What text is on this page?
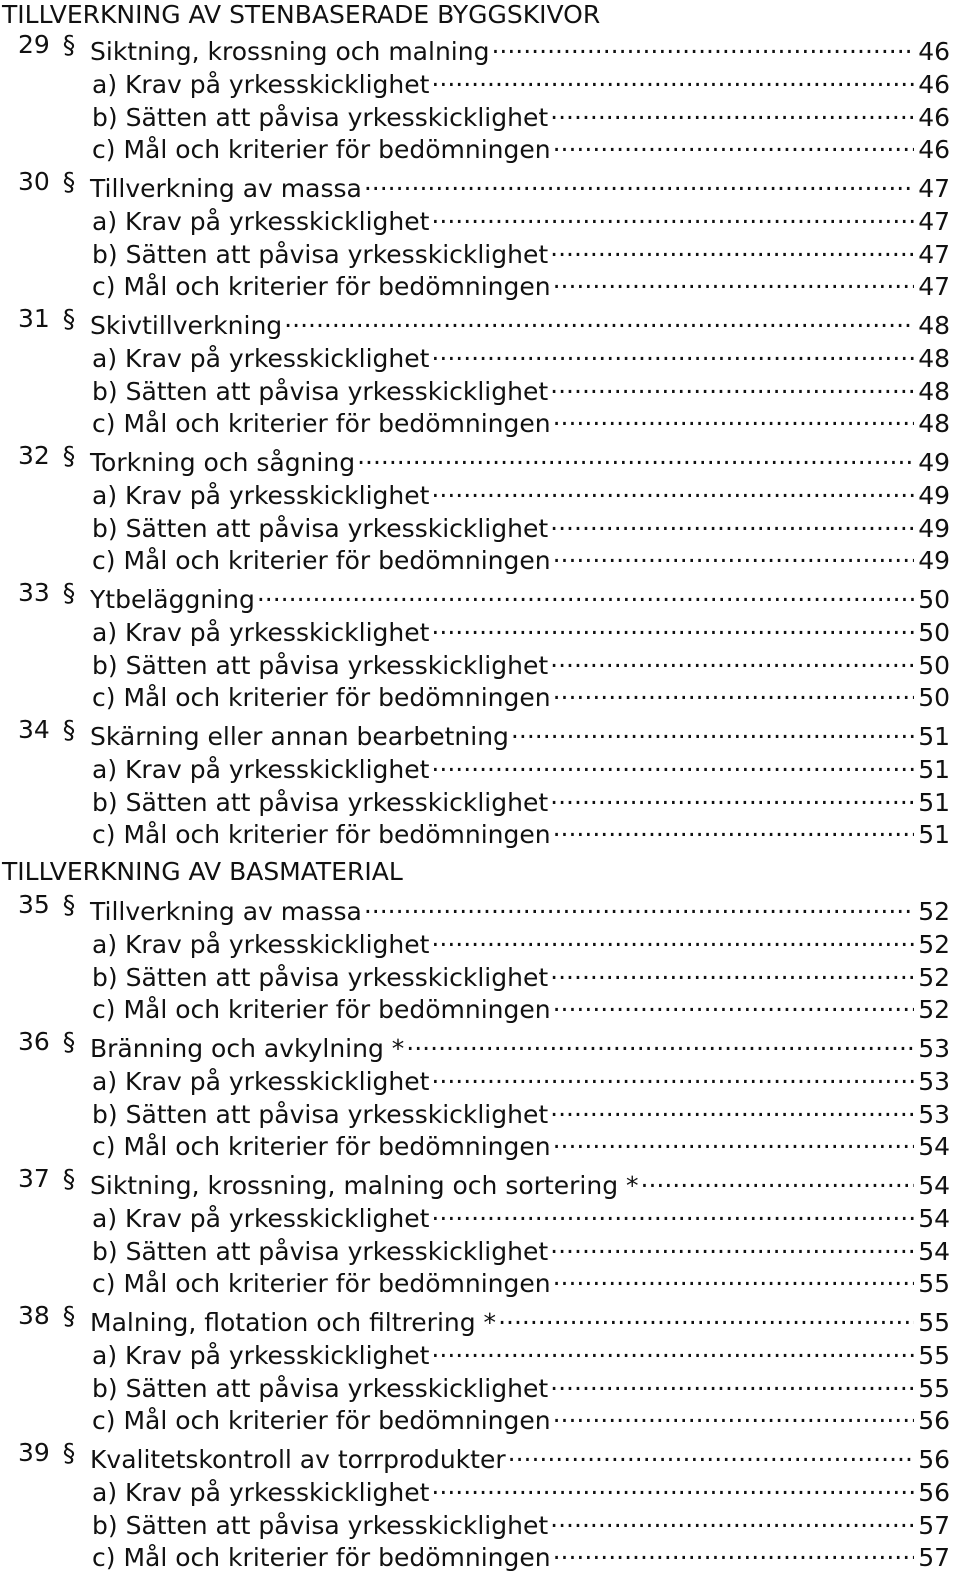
TILLVERKNING AV STENBASERADE BYGGSKIVOR
TILLVERKNING AV BASMATERIAL
29 § Siktning, krossning och malning .....	46
a) Krav på yrkesskicklighet .....	46
b) Sätten att påvisa yrkesskicklighet .....	46
c) Mål och kriterier för bedömningen .....	46
30 § Tillverkning av massa .....	47
a) Krav på yrkesskicklighet .....	47
b) Sätten att påvisa yrkesskicklighet .....	47
c) Mål och kriterier för bedömningen .....	47
31 § Skivtillverkning .....	48
a) Krav på yrkesskicklighet .....	48
b) Sätten att påvisa yrkesskicklighet .....	48
c) Mål och kriterier för bedömningen .....	48
32 § Torkning och sågning .....	49
a) Krav på yrkesskicklighet .....	49
b) Sätten att påvisa yrkesskicklighet .....	49
c) Mål och kriterier för bedömningen .....	49
33 § Ytbeläggning .....	50
a) Krav på yrkesskicklighet .....	50
b) Sätten att påvisa yrkesskicklighet .....	50
c) Mål och kriterier för bedömningen .....	50
34 § Skärning eller annan bearbetning .....	51
a) Krav på yrkesskicklighet .....	51
b) Sätten att påvisa yrkesskicklighet .....	51
c) Mål och kriterier för bedömningen .....	51
35 § Tillverkning av massa .....	52
a) Krav på yrkesskicklighet .....	52
b) Sätten att påvisa yrkesskicklighet .....	52
c) Mål och kriterier för bedömningen .....	52
36 § Bränning och avkylning * .....	53
a) Krav på yrkesskicklighet .....	53
b) Sätten att påvisa yrkesskicklighet .....	53
c) Mål och kriterier för bedömningen .....	54
37 § Siktning, krossning, malning och sortering * .....	54
a) Krav på yrkesskicklighet .....	54
b) Sätten att påvisa yrkesskicklighet .....	54
c) Mål och kriterier för bedömningen .....	55
38 § Malning, flotation och filtrering * .....	55
a) Krav på yrkesskicklighet .....	55
b) Sätten att påvisa yrkesskicklighet .....	55
c) Mål och kriterier för bedömningen .....	56
39 § Kvalitetskontroll av torrprodukter .....	56
a) Krav på yrkesskicklighet .....	56
b) Sätten att påvisa yrkesskicklighet .....	57
c) Mål och kriterier för bedömningen .....	57
